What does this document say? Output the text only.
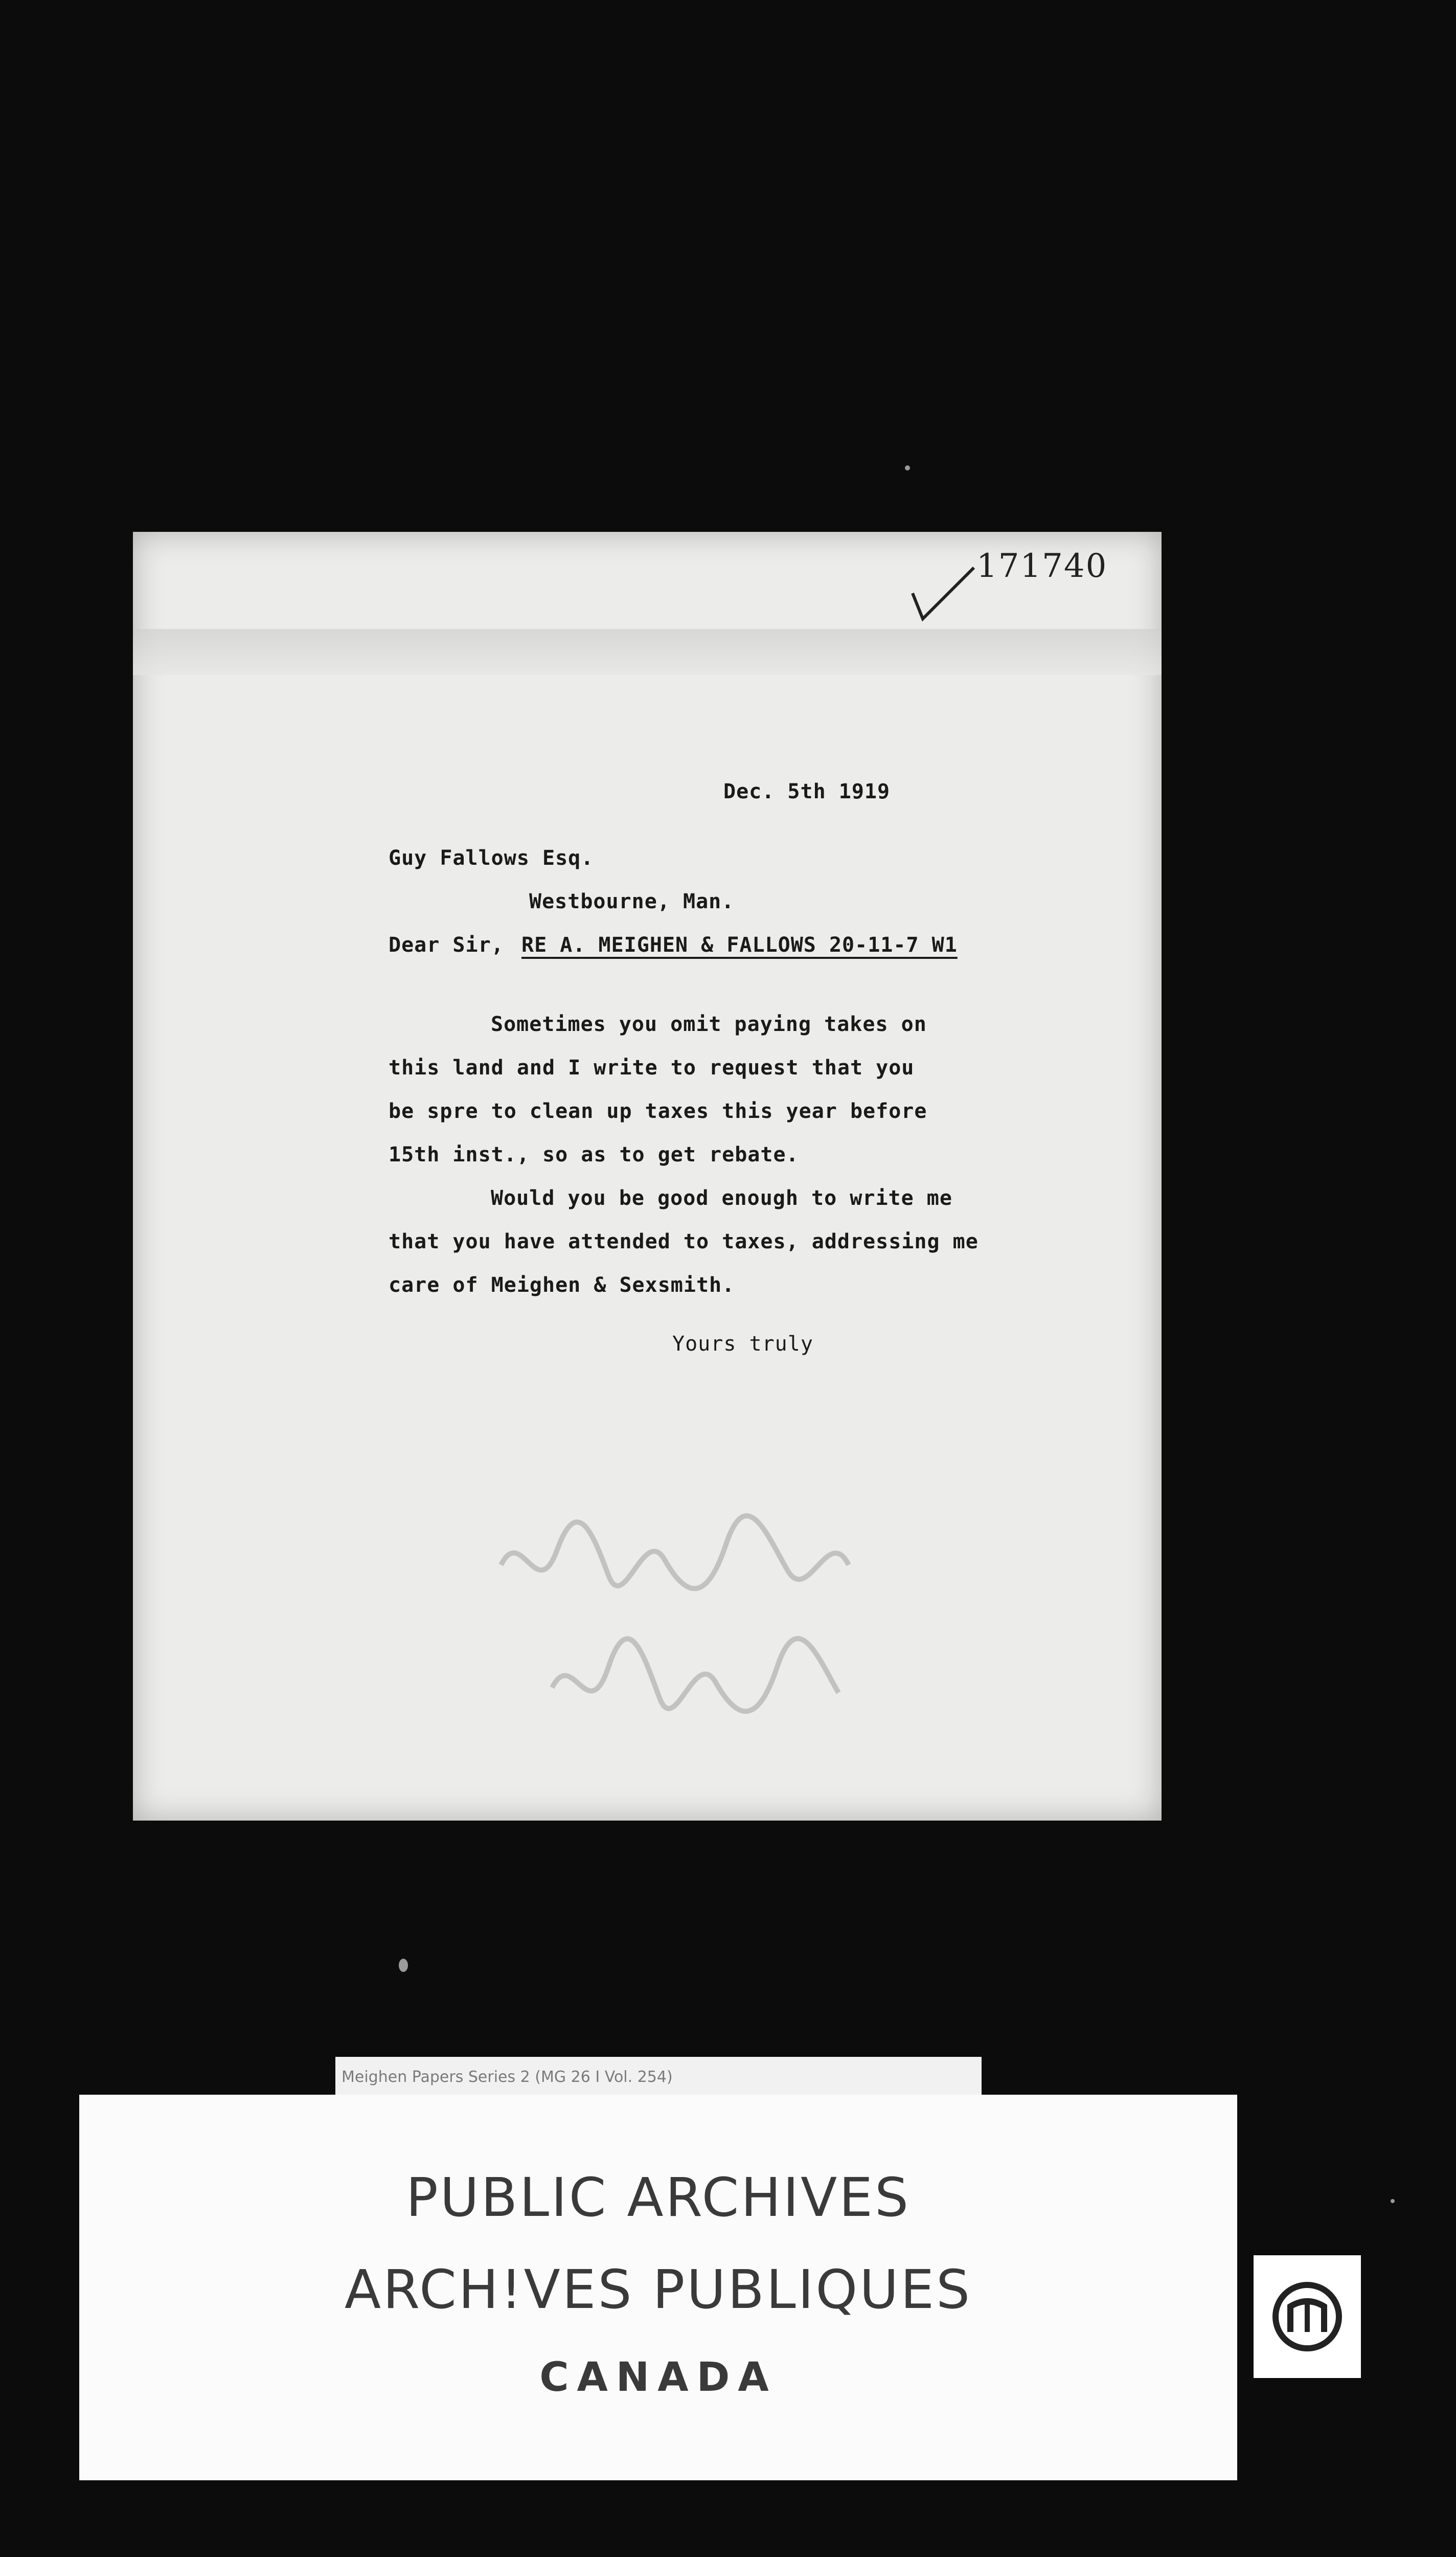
171740
Dec. 5th 1919
Guy Fallows Esq.
Westbourne, Man.
Dear Sir, RE A. MEIGHEN & FALLOWS 20-11-7 W1
Sometimes you omit paying takes on
this land and I write to request that you
be spre to clean up taxes this year before
15th inst., so as to get rebate.
Would you be good enough to write me
that you have attended to taxes, addressing me
care of Meighen & Sexsmith.
Yours truly
Meighen Papers Series 2 (MG 26 I Vol. 254)
PUBLIC ARCHIVES
ARCH!VES PUBLIQUES
CANADA
